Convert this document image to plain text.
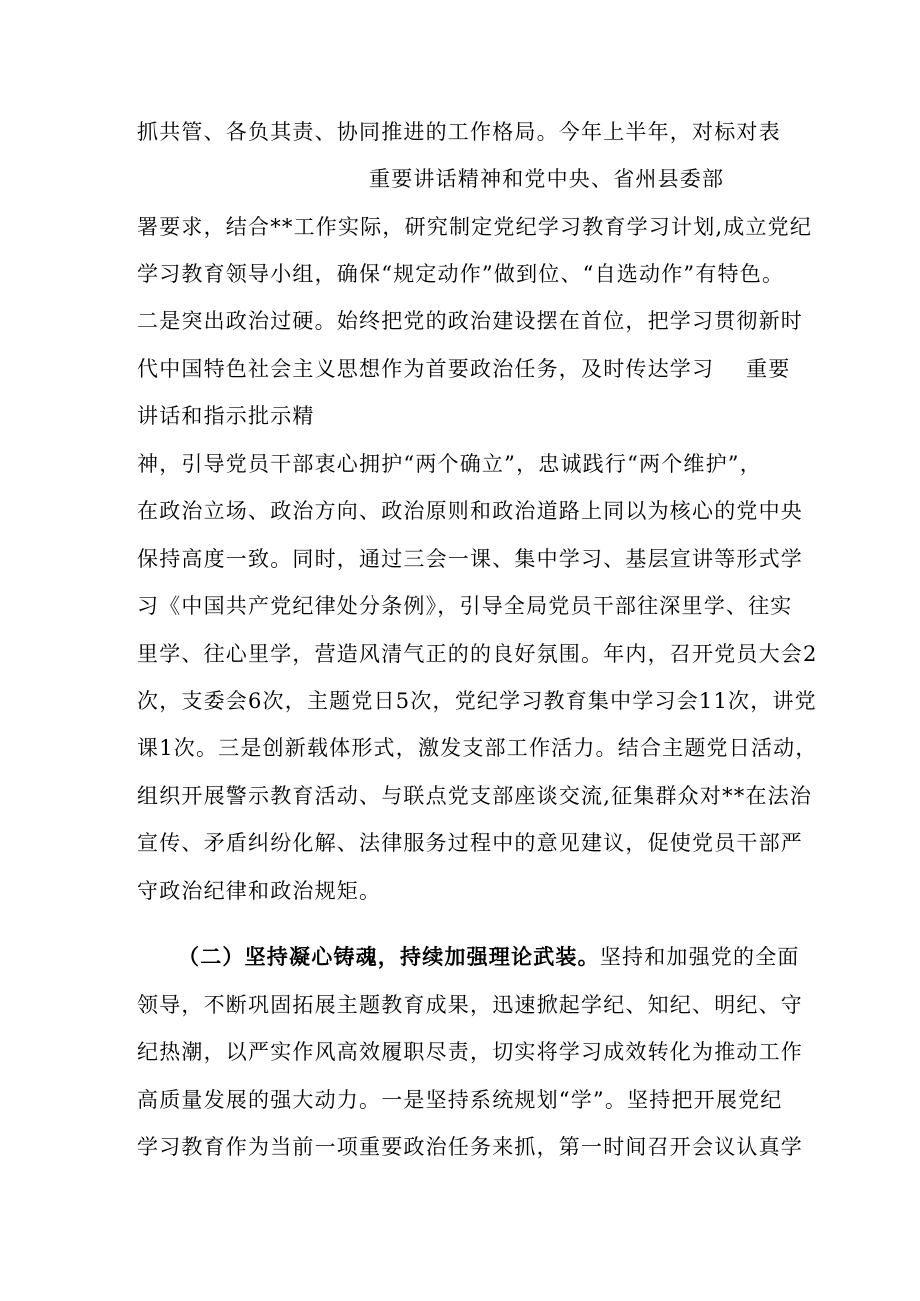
抓共管、各负其责、协同推进的工作格局。今年上半年，对标对表
重要讲话精神和党中央、省州县委部
署要求，结合**工作实际，研究制定党纪学习教育学习计划,成立党纪
学习教育领导小组，确保“规定动作”做到位、“自选动作”有特色。
二是突出政治过硬。始终把党的政治建设摆在首位，把学习贯彻新时
代中国特色社会主义思想作为首要政治任务，及时传达学习 重要
讲话和指示批示精
神，引导党员干部衷心拥护“两个确立”，忠诚践行“两个维护”，
在政治立场、政治方向、政治原则和政治道路上同以为核心的党中央
保持高度一致。同时，通过三会一课、集中学习、基层宣讲等形式学
习《中国共产党纪律处分条例》，引导全局党员干部往深里学、往实
里学、往心里学，营造风清气正的的良好氛围。年内，召开党员大会2
次，支委会6次，主题党日5次，党纪学习教育集中学习会11次，讲党
课1次。三是创新载体形式，激发支部工作活力。结合主题党日活动，
组织开展警示教育活动、与联点党支部座谈交流,征集群众对**在法治
宣传、矛盾纠纷化解、法律服务过程中的意见建议，促使党员干部严
守政治纪律和政治规矩。
（二）坚持凝心铸魂，持续加强理论武装。坚持和加强党的全面
领导，不断巩固拓展主题教育成果，迅速掀起学纪、知纪、明纪、守
纪热潮，以严实作风高效履职尽责，切实将学习成效转化为推动工作
高质量发展的强大动力。一是坚持系统规划“学”。坚持把开展党纪
学习教育作为当前一项重要政治任务来抓，第一时间召开会议认真学
